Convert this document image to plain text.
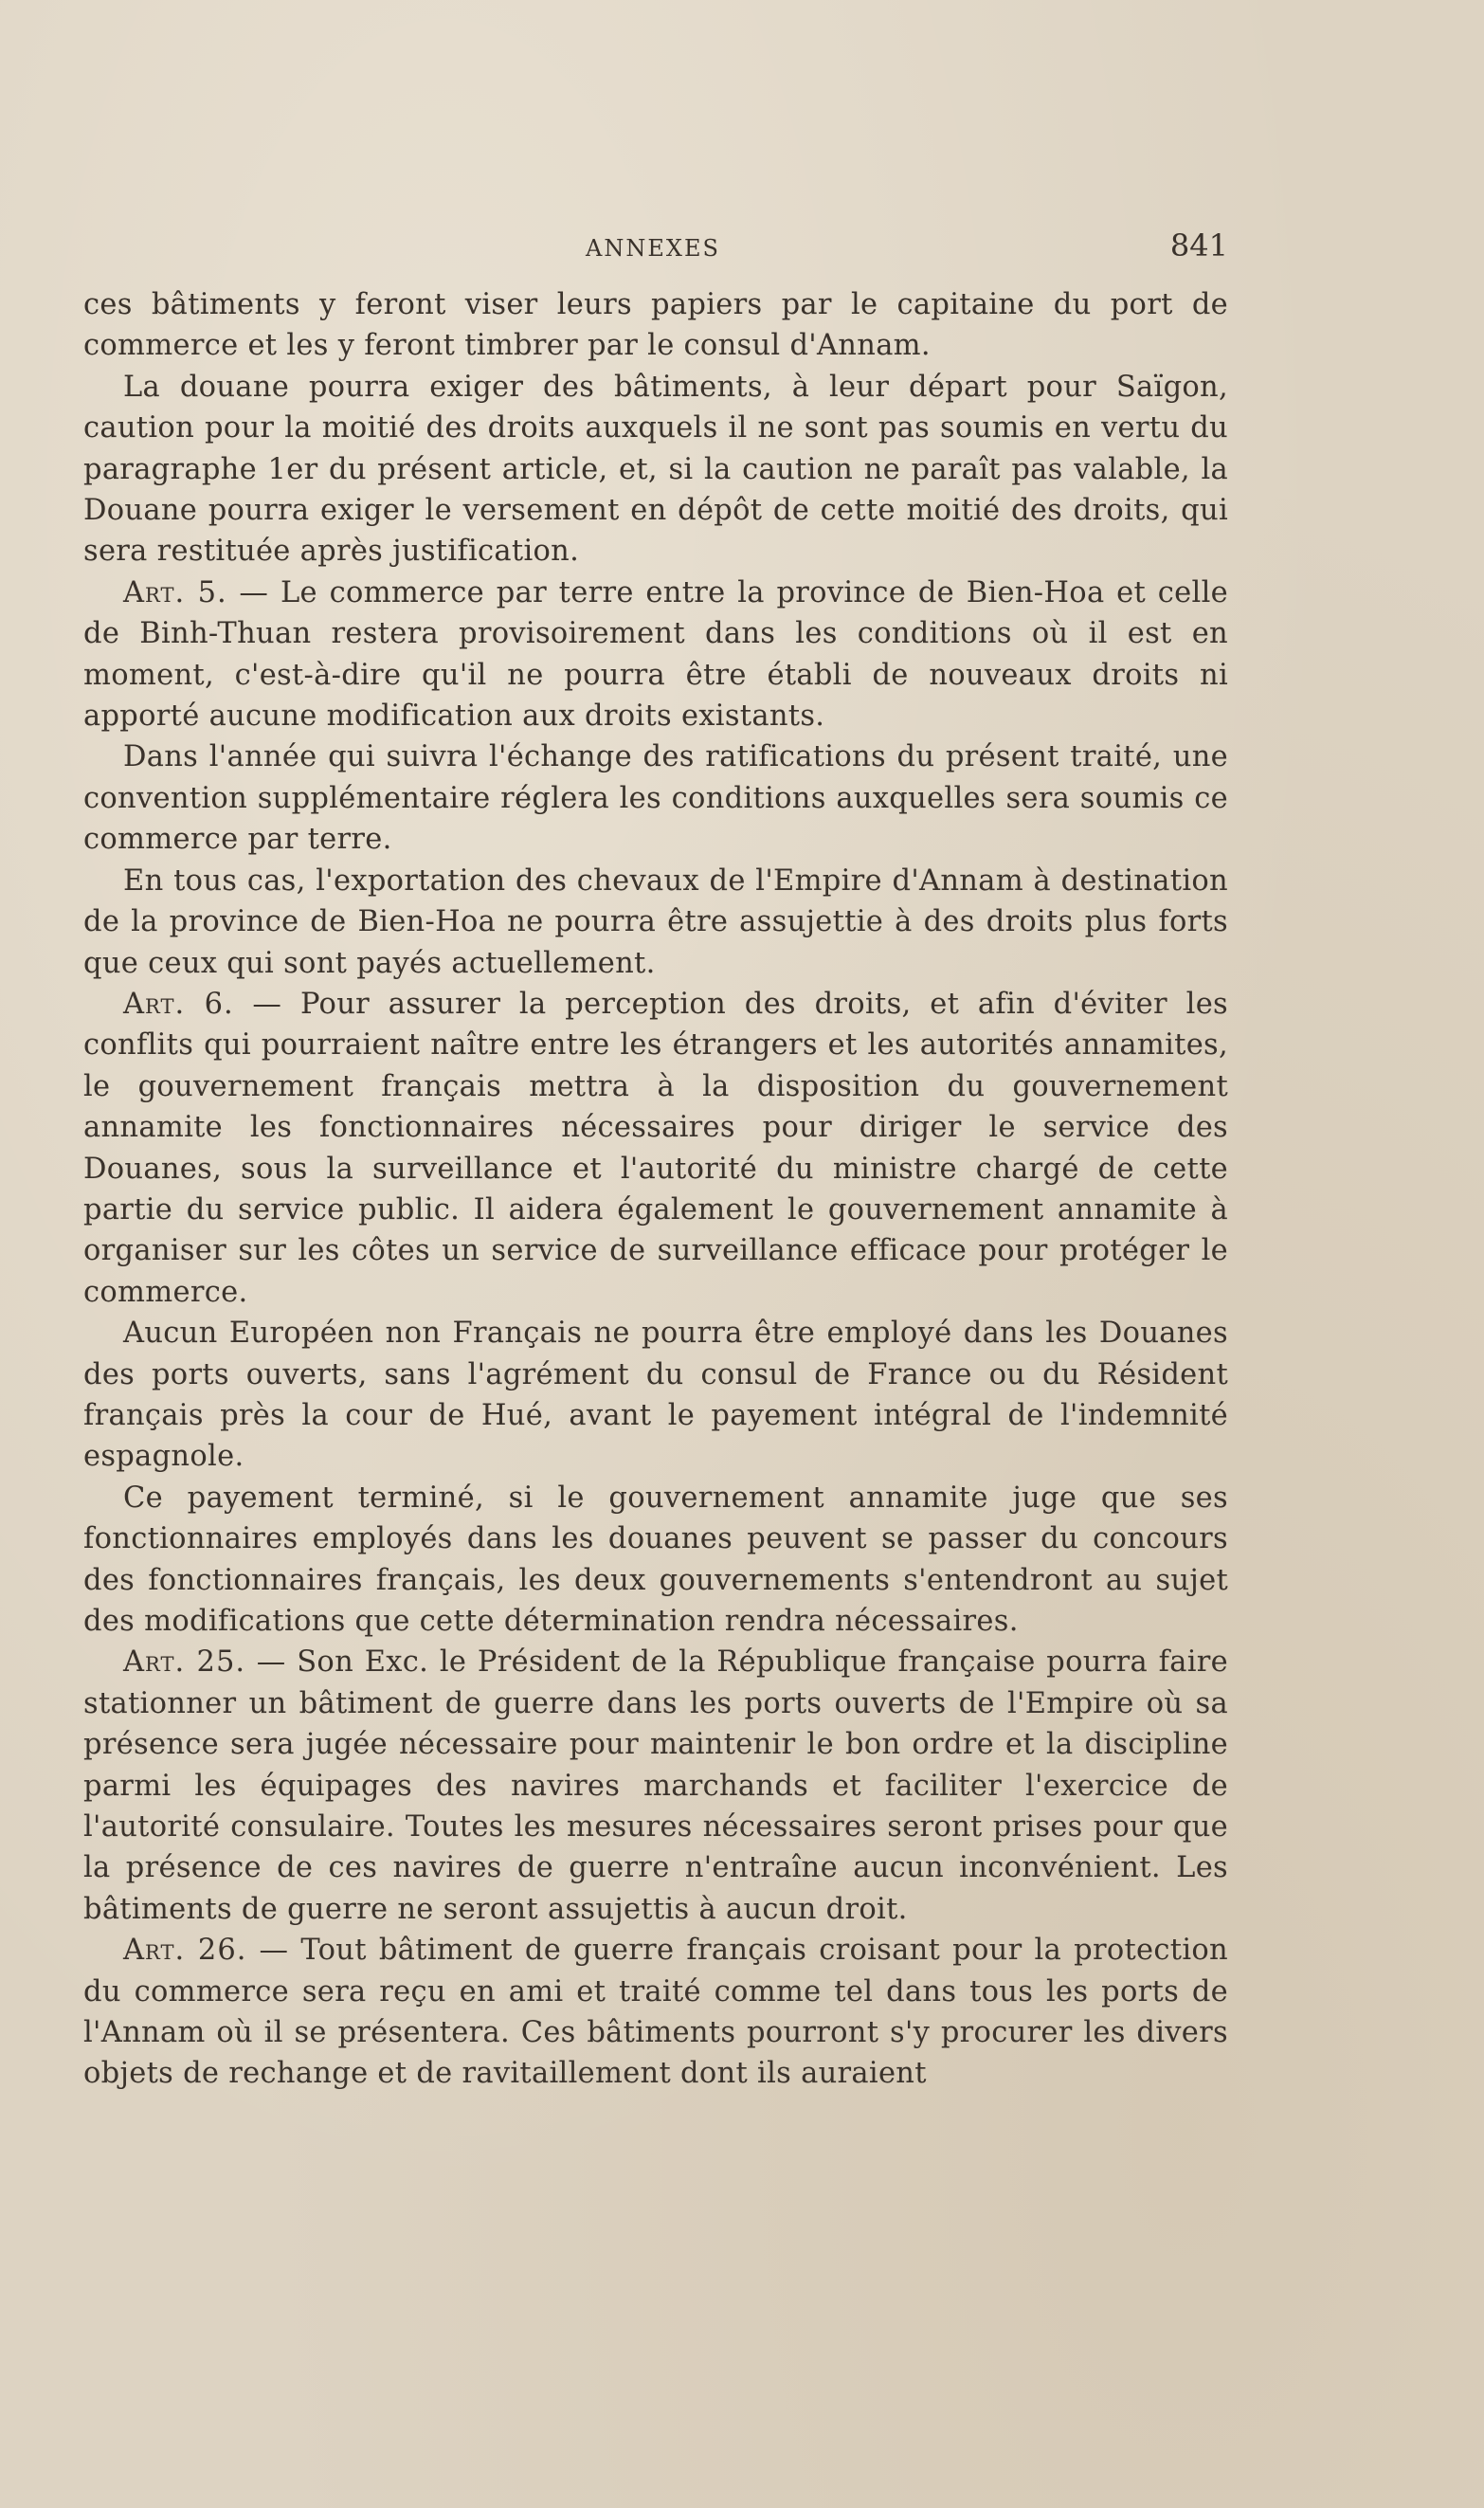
ANNEXES	841

ces bâtiments y feront viser leurs papiers par le capitaine du port de commerce et les y feront timbrer par le consul d'Annam.

La douane pourra exiger des bâtiments, à leur départ pour Saïgon, caution pour la moitié des droits auxquels il ne sont pas soumis en vertu du paragraphe 1er du présent article, et, si la caution ne paraît pas valable, la Douane pourra exiger le versement en dépôt de cette moitié des droits, qui sera restituée après justification.

Art. 5. — Le commerce par terre entre la province de Bien-Hoa et celle de Binh-Thuan restera provisoirement dans les conditions où il est en moment, c'est-à-dire qu'il ne pourra être établi de nouveaux droits ni apporté aucune modification aux droits existants.

Dans l'année qui suivra l'échange des ratifications du présent traité, une convention supplémentaire réglera les conditions auxquelles sera soumis ce commerce par terre.

En tous cas, l'exportation des chevaux de l'Empire d'Annam à destination de la province de Bien-Hoa ne pourra être assujettie à des droits plus forts que ceux qui sont payés actuellement.

Art. 6. — Pour assurer la perception des droits, et afin d'éviter les conflits qui pourraient naître entre les étrangers et les autorités annamites, le gouvernement français mettra à la disposition du gouvernement annamite les fonctionnaires nécessaires pour diriger le service des Douanes, sous la surveillance et l'autorité du ministre chargé de cette partie du service public. Il aidera également le gouvernement annamite à organiser sur les côtes un service de surveillance efficace pour protéger le commerce.

Aucun Européen non Français ne pourra être employé dans les Douanes des ports ouverts, sans l'agrément du consul de France ou du Résident français près la cour de Hué, avant le payement intégral de l'indemnité espagnole.

Ce payement terminé, si le gouvernement annamite juge que ses fonctionnaires employés dans les douanes peuvent se passer du concours des fonctionnaires français, les deux gouvernements s'entendront au sujet des modifications que cette détermination rendra nécessaires.

Art. 25. — Son Exc. le Président de la République française pourra faire stationner un bâtiment de guerre dans les ports ouverts de l'Empire où sa présence sera jugée nécessaire pour maintenir le bon ordre et la discipline parmi les équipages des navires marchands et faciliter l'exercice de l'autorité consulaire. Toutes les mesures nécessaires seront prises pour que la présence de ces navires de guerre n'entraîne aucun inconvénient. Les bâtiments de guerre ne seront assujettis à aucun droit.

Art. 26. — Tout bâtiment de guerre français croisant pour la protection du commerce sera reçu en ami et traité comme tel dans tous les ports de l'Annam où il se présentera. Ces bâtiments pourront s'y procurer les divers objets de rechange et de ravitaillement dont ils auraient
